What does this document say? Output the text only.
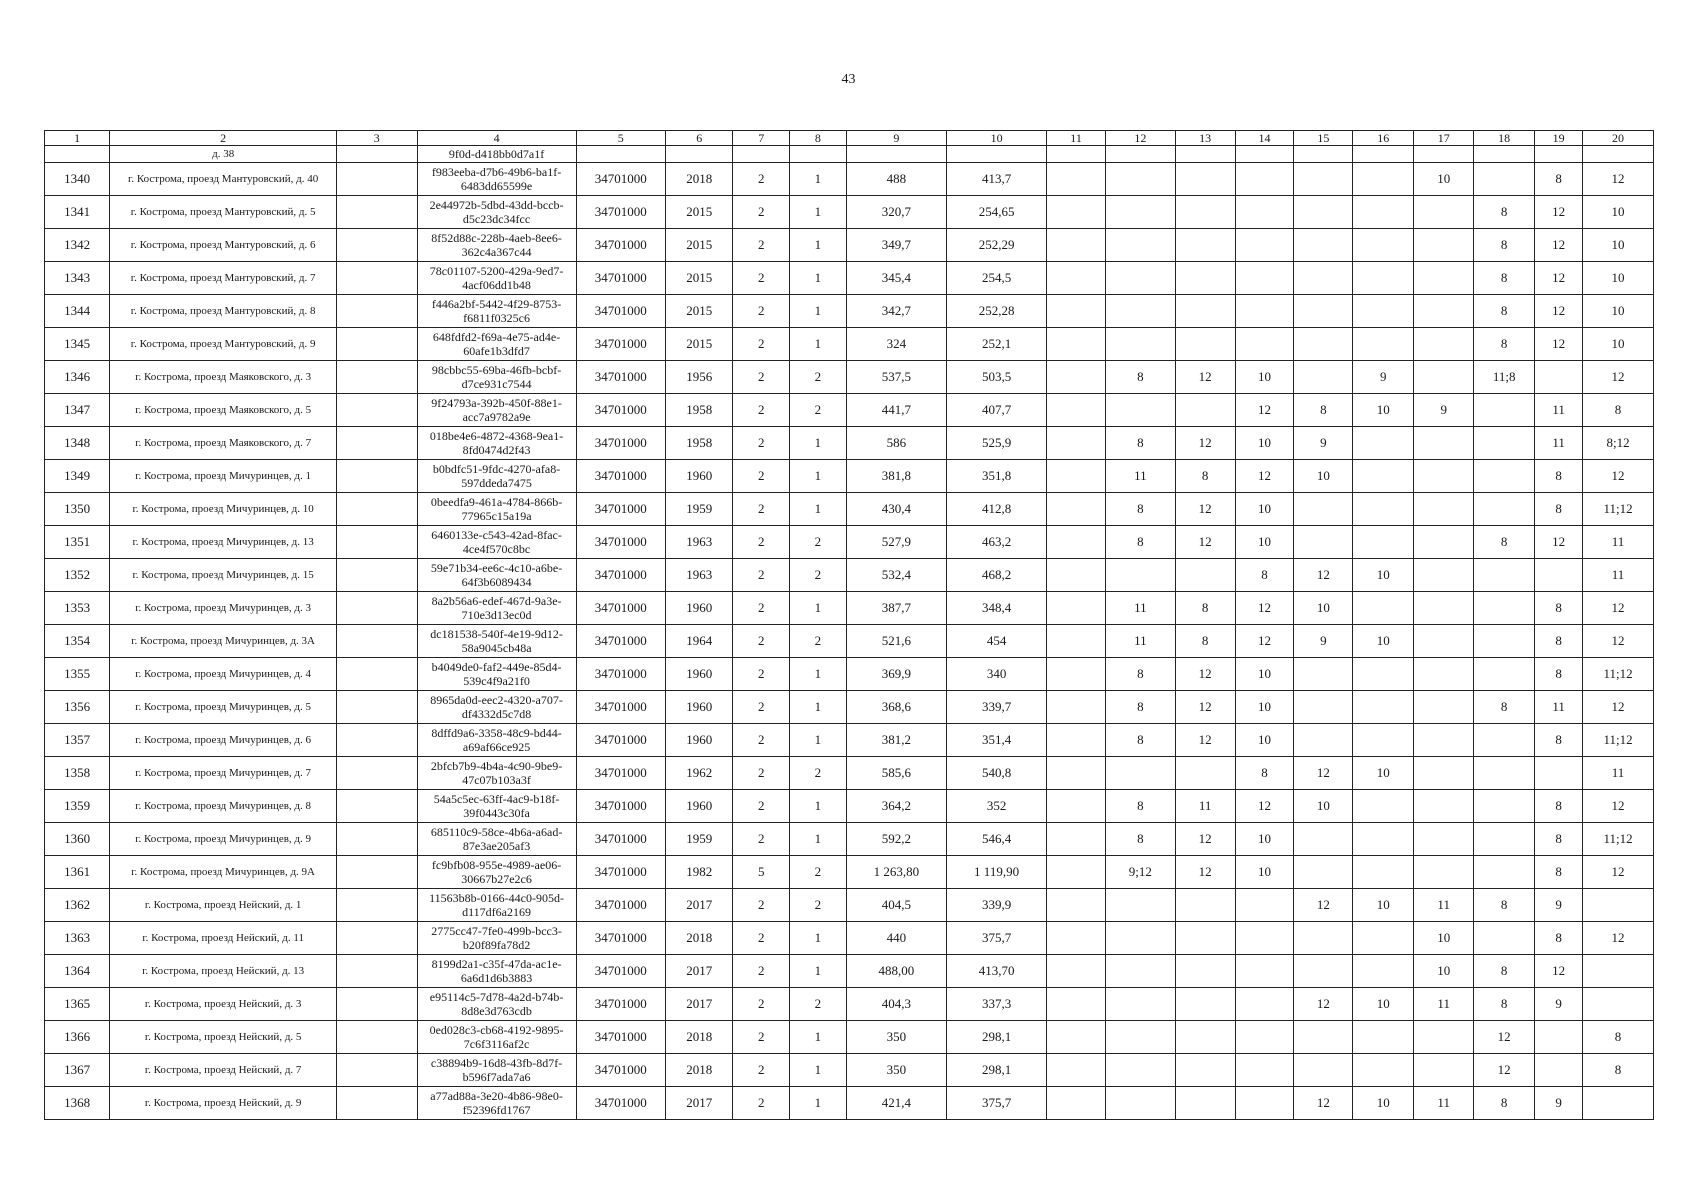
43
1	2	3	4	5	6	7	8	9	10	11	12	13	14	15	16	17	18	19	20
	д. 38		9f0d-d418bb0d7a1f																
1340	г. Кострома, проезд Мантуровский, д. 40		f983eeba-d7b6-49b6-ba1f-6483dd65599e	34701000	2018	2	1	488	413,7							10		8	12
1341	г. Кострома, проезд Мантуровский, д. 5		2e44972b-5dbd-43dd-bccb-d5c23dc34fcc	34701000	2015	2	1	320,7	254,65								8	12	10
1342	г. Кострома, проезд Мантуровский, д. 6		8f52d88c-228b-4aeb-8ee6-362c4a367c44	34701000	2015	2	1	349,7	252,29								8	12	10
1343	г. Кострома, проезд Мантуровский, д. 7		78c01107-5200-429a-9ed7-4acf06dd1b48	34701000	2015	2	1	345,4	254,5								8	12	10
1344	г. Кострома, проезд Мантуровский, д. 8		f446a2bf-5442-4f29-8753-f6811f0325c6	34701000	2015	2	1	342,7	252,28								8	12	10
1345	г. Кострома, проезд Мантуровский, д. 9		648fdfd2-f69a-4e75-ad4e-60afe1b3dfd7	34701000	2015	2	1	324	252,1								8	12	10
1346	г. Кострома, проезд Маяковского, д. 3		98cbbc55-69ba-46fb-bcbf-d7ce931c7544	34701000	1956	2	2	537,5	503,5		8	12	10		9		11;8		12
1347	г. Кострома, проезд Маяковского, д. 5		9f24793a-392b-450f-88e1-acc7a9782a9e	34701000	1958	2	2	441,7	407,7				12	8	10	9		11	8
1348	г. Кострома, проезд Маяковского, д. 7		018be4e6-4872-4368-9ea1-8fd0474d2f43	34701000	1958	2	1	586	525,9		8	12	10	9				11	8;12
1349	г. Кострома, проезд Мичуринцев, д. 1		b0bdfc51-9fdc-4270-afa8-597ddeda7475	34701000	1960	2	1	381,8	351,8		11	8	12	10				8	12
1350	г. Кострома, проезд Мичуринцев, д. 10		0beedfa9-461a-4784-866b-77965c15a19a	34701000	1959	2	1	430,4	412,8		8	12	10					8	11;12
1351	г. Кострома, проезд Мичуринцев, д. 13		6460133e-c543-42ad-8fac-4ce4f570c8bc	34701000	1963	2	2	527,9	463,2		8	12	10				8	12	11
1352	г. Кострома, проезд Мичуринцев, д. 15		59e71b34-ee6c-4c10-a6be-64f3b6089434	34701000	1963	2	2	532,4	468,2				8	12	10				11
1353	г. Кострома, проезд Мичуринцев, д. 3		8a2b56a6-edef-467d-9a3e-710e3d13ec0d	34701000	1960	2	1	387,7	348,4		11	8	12	10				8	12
1354	г. Кострома, проезд Мичуринцев, д. 3А		dc181538-540f-4e19-9d12-58a9045cb48a	34701000	1964	2	2	521,6	454		11	8	12	9	10			8	12
1355	г. Кострома, проезд Мичуринцев, д. 4		b4049de0-faf2-449e-85d4-539c4f9a21f0	34701000	1960	2	1	369,9	340		8	12	10					8	11;12
1356	г. Кострома, проезд Мичуринцев, д. 5		8965da0d-eec2-4320-a707-df4332d5c7d8	34701000	1960	2	1	368,6	339,7		8	12	10				8	11	12
1357	г. Кострома, проезд Мичуринцев, д. 6		8dffd9a6-3358-48c9-bd44-a69af66ce925	34701000	1960	2	1	381,2	351,4		8	12	10					8	11;12
1358	г. Кострома, проезд Мичуринцев, д. 7		2bfcb7b9-4b4a-4c90-9be9-47c07b103a3f	34701000	1962	2	2	585,6	540,8				8	12	10				11
1359	г. Кострома, проезд Мичуринцев, д. 8		54a5c5ec-63ff-4ac9-b18f-39f0443c30fa	34701000	1960	2	1	364,2	352		8	11	12	10				8	12
1360	г. Кострома, проезд Мичуринцев, д. 9		685110c9-58ce-4b6a-a6ad-87e3ae205af3	34701000	1959	2	1	592,2	546,4		8	12	10					8	11;12
1361	г. Кострома, проезд Мичуринцев, д. 9А		fc9bfb08-955e-4989-ae06-30667b27e2c6	34701000	1982	5	2	1 263,80	1 119,90		9;12	12	10					8	12
1362	г. Кострома, проезд Нейский, д. 1		11563b8b-0166-44c0-905d-d117df6a2169	34701000	2017	2	2	404,5	339,9					12	10	11	8	9	
1363	г. Кострома, проезд Нейский, д. 11		2775cc47-7fe0-499b-bcc3-b20f89fa78d2	34701000	2018	2	1	440	375,7							10		8	12
1364	г. Кострома, проезд Нейский, д. 13		8199d2a1-c35f-47da-ac1e-6a6d1d6b3883	34701000	2017	2	1	488,00	413,70							10	8	12	
1365	г. Кострома, проезд Нейский, д. 3		e95114c5-7d78-4a2d-b74b-8d8e3d763cdb	34701000	2017	2	2	404,3	337,3					12	10	11	8	9	
1366	г. Кострома, проезд Нейский, д. 5		0ed028c3-cb68-4192-9895-7c6f3116af2c	34701000	2018	2	1	350	298,1								12		8
1367	г. Кострома, проезд Нейский, д. 7		c38894b9-16d8-43fb-8d7f-b596f7ada7a6	34701000	2018	2	1	350	298,1								12		8
1368	г. Кострома, проезд Нейский, д. 9		a77ad88a-3e20-4b86-98e0-f52396fd1767	34701000	2017	2	1	421,4	375,7					12	10	11	8	9	
